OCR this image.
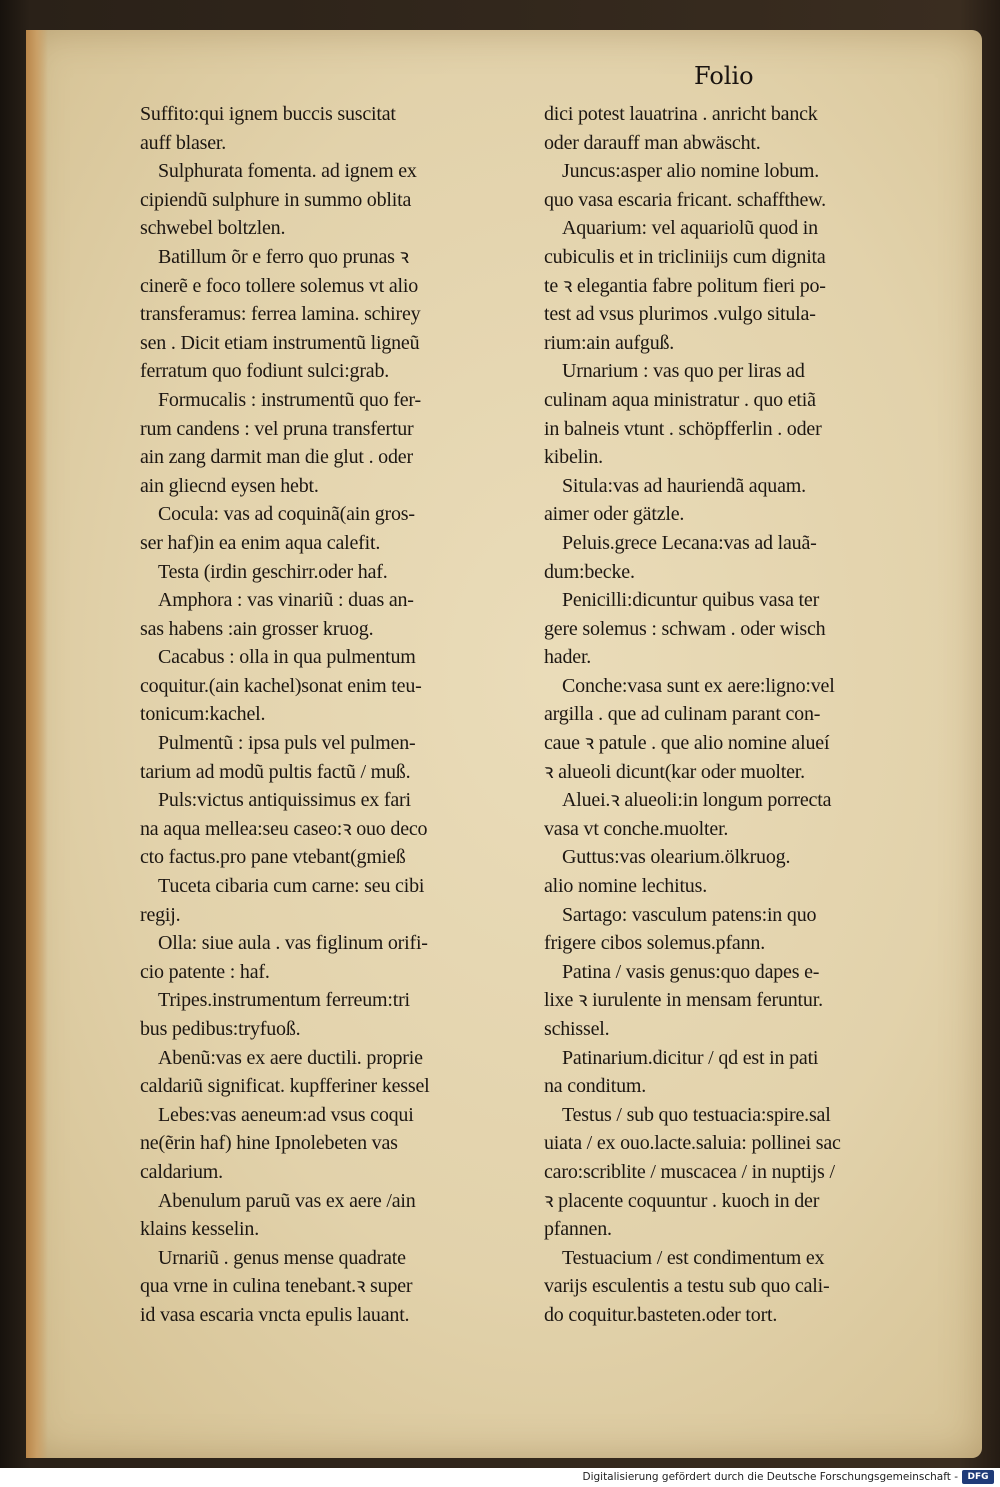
Folio
Suffito:qui ignem buccis suscitat
auff blaser.
Sulphurata fomenta. ad ignem ex
cipiendũ sulphure in summo oblita
schwebel boltzlen.
Batillum õr e ferro quo prunas ꝛ
cinerẽ e foco tollere solemus vt alio
transferamus: ferrea lamina. schirey
sen . Dicit etiam instrumentũ ligneũ
ferratum quo fodiunt sulci:grab.
Formucalis : instrumentũ quo fer-
rum candens : vel pruna transfertur
ain zang darmit man die glut . oder
ain gliecnd eysen hebt.
Cocula: vas ad coquinã(ain gros-
ser haf)in ea enim aqua calefit.
Testa (irdin geschirr.oder haf.
Amphora : vas vinariũ : duas an-
sas habens :ain grosser kruog.
Cacabus : olla in qua pulmentum
coquitur.(ain kachel)sonat enim teu-
tonicum:kachel.
Pulmentũ : ipsa puls vel pulmen-
tarium ad modũ pultis factũ / muß.
Puls:victus antiquissimus ex fari
na aqua mellea:seu caseo:ꝛ ouo deco
cto factus.pro pane vtebant(gmieß
Tuceta cibaria cum carne: seu cibi
regij.
Olla: siue aula . vas figlinum orifi-
cio patente : haf.
Tripes.instrumentum ferreum:tri
bus pedibus:tryfuoß.
Abenũ:vas ex aere ductili. proprie
caldariũ significat. kupfferiner kessel
Lebes:vas aeneum:ad vsus coqui
ne(ẽrin haf) hine Ipnolebeten vas
caldarium.
Abenulum paruũ vas ex aere /ain
klains kesselin.
Urnariũ . genus mense quadrate
qua vrne in culina tenebant.ꝛ super
id vasa escaria vncta epulis lauant.
dici potest lauatrina . anricht banck
oder darauff man abwäscht.
Juncus:asper alio nomine lobum.
quo vasa escaria fricant. schaffthew.
Aquarium: vel aquariolũ quod in
cubiculis et in tricliniijs cum dignita
te ꝛ elegantia fabre politum fieri po-
test ad vsus plurimos .vulgo situla-
rium:ain aufguß.
Urnarium : vas quo per liras ad
culinam aqua ministratur . quo etiã
in balneis vtunt . schöpfferlin . oder
kibelin.
Situla:vas ad hauriendã aquam.
aimer oder gätzle.
Peluis.grece Lecana:vas ad lauã-
dum:becke.
Penicilli:dicuntur quibus vasa ter
gere solemus : schwam . oder wisch
hader.
Conche:vasa sunt ex aere:ligno:vel
argilla . que ad culinam parant con-
caue ꝛ patule . que alio nomine alueí
ꝛ alueoli dicunt(kar oder muolter.
Aluei.ꝛ alueoli:in longum porrecta
vasa vt conche.muolter.
Guttus:vas olearium.ölkruog.
alio nomine lechitus.
Sartago: vasculum patens:in quo
frigere cibos solemus.pfann.
Patina / vasis genus:quo dapes e-
lixe ꝛ iurulente in mensam feruntur.
schissel.
Patinarium.dicitur / qd est in pati
na conditum.
Testus / sub quo testuacia:spire.sal
uiata / ex ouo.lacte.saluia: pollinei sac
caro:scriblite / muscacea / in nuptijs /
ꝛ placente coquuntur . kuoch in der
pfannen.
Testuacium / est condimentum ex
varijs esculentis a testu sub quo cali-
do coquitur.basteten.oder tort.
Digitalisierung gefördert durch die Deutsche Forschungsgemeinschaft -	DFG
